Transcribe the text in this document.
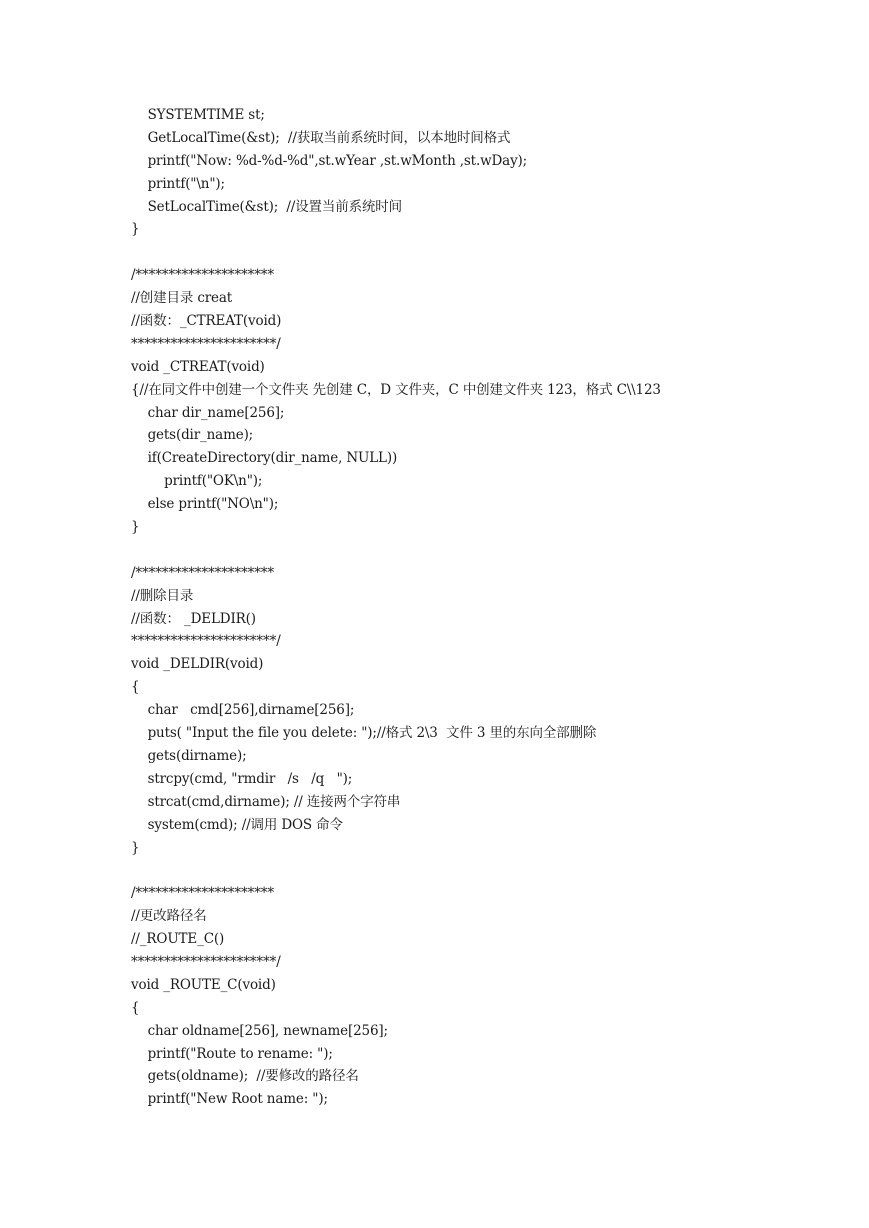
SYSTEMTIME st;
GetLocalTime(&st);  //获取当前系统时间，以本地时间格式
printf("Now: %d-%d-%d",st.wYear ,st.wMonth ,st.wDay);
printf("\n");
SetLocalTime(&st);  //设置当前系统时间
}
/*********************
//创建目录 creat
//函数：_CTREAT(void)
**********************/
void _CTREAT(void)
{//在同文件中创建一个文件夹 先创建 C，D 文件夹，C 中创建文件夹 123，格式 C\\123
char dir_name[256];
gets(dir_name);
if(CreateDirectory(dir_name, NULL))
printf("OK\n");
else printf("NO\n");
}
/*********************
//删除目录
//函数： _DELDIR()
**********************/
void _DELDIR(void)
{
char   cmd[256],dirname[256];
puts( "Input the file you delete: ");//格式 2\3  文件 3 里的东向全部删除
gets(dirname);
strcpy(cmd, "rmdir   /s   /q   ");
strcat(cmd,dirname); // 连接两个字符串
system(cmd); //调用 DOS 命令
}
/*********************
//更改路径名
//_ROUTE_C()
**********************/
void _ROUTE_C(void)
{
char oldname[256], newname[256];
printf("Route to rename: ");
gets(oldname);  //要修改的路径名
printf("New Root name: ");
